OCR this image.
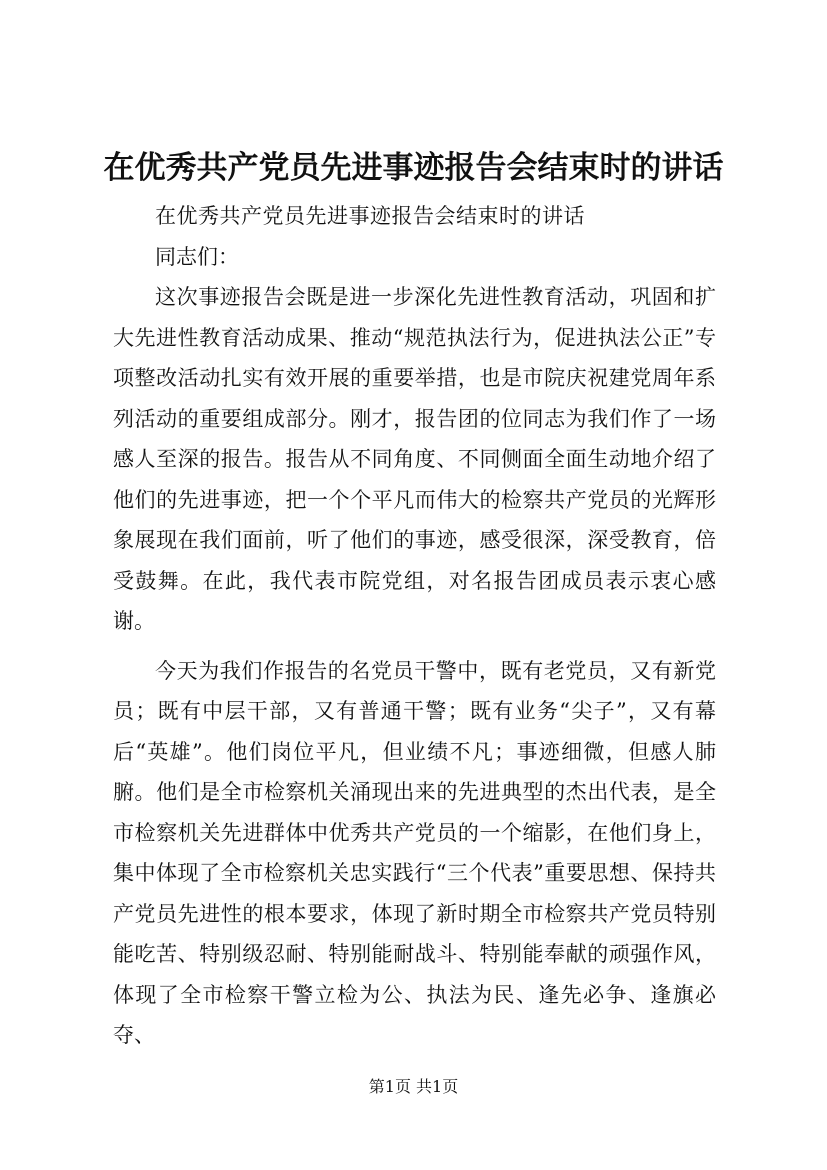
在优秀共产党员先进事迹报告会结束时的讲话

在优秀共产党员先进事迹报告会结束时的讲话

同志们：

这次事迹报告会既是进一步深化先进性教育活动，巩固和扩大先进性教育活动成果、推动“规范执法行为，促进执法公正”专项整改活动扎实有效开展的重要举措，也是市院庆祝建党周年系列活动的重要组成部分。刚才，报告团的位同志为我们作了一场感人至深的报告。报告从不同角度、不同侧面全面生动地介绍了他们的先进事迹，把一个个平凡而伟大的检察共产党员的光辉形象展现在我们面前，听了他们的事迹，感受很深，深受教育，倍受鼓舞。在此，我代表市院党组，对名报告团成员表示衷心感谢。

今天为我们作报告的名党员干警中，既有老党员，又有新党员；既有中层干部，又有普通干警；既有业务“尖子”，又有幕后“英雄”。他们岗位平凡，但业绩不凡；事迹细微，但感人肺腑。他们是全市检察机关涌现出来的先进典型的杰出代表，是全市检察机关先进群体中优秀共产党员的一个缩影，在他们身上，集中体现了全市检察机关忠实践行“三个代表”重要思想、保持共产党员先进性的根本要求，体现了新时期全市检察共产党员特别能吃苦、特别级忍耐、特别能耐战斗、特别能奉献的顽强作风，体现了全市检察干警立检为公、执法为民、逢先必争、逢旗必夺、

第1页 共1页
